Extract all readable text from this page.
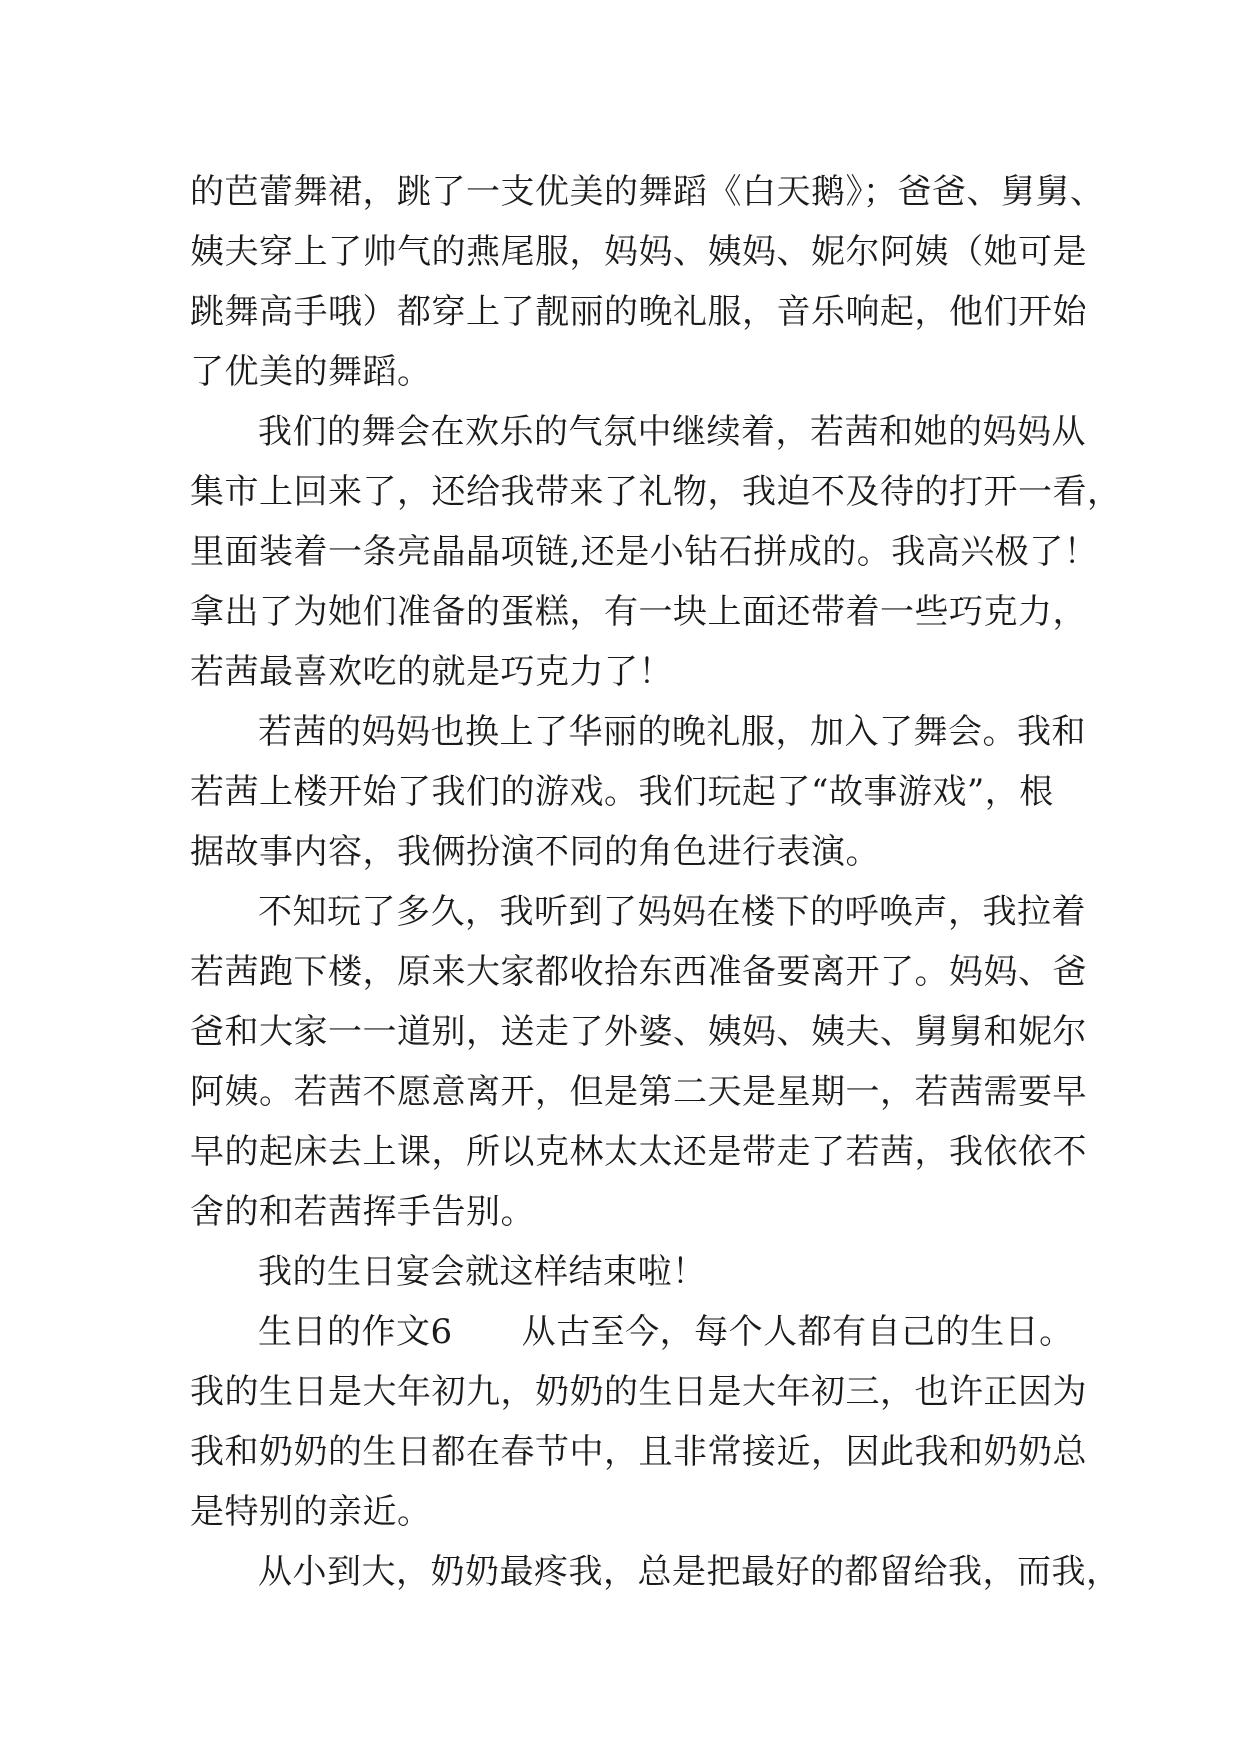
的芭蕾舞裙，跳了一支优美的舞蹈《白天鹅》；爸爸、舅舅、
姨夫穿上了帅气的燕尾服，妈妈、姨妈、妮尔阿姨（她可是
跳舞高手哦）都穿上了靓丽的晚礼服，音乐响起，他们开始
了优美的舞蹈。
我们的舞会在欢乐的气氛中继续着，若茜和她的妈妈从
集市上回来了，还给我带来了礼物，我迫不及待的打开一看，
里面装着一条亮晶晶项链,还是小钻石拼成的。我高兴极了！
拿出了为她们准备的蛋糕，有一块上面还带着一些巧克力，
若茜最喜欢吃的就是巧克力了！
若茜的妈妈也换上了华丽的晚礼服，加入了舞会。我和
若茜上楼开始了我们的游戏。我们玩起了“故事游戏”，根
据故事内容，我俩扮演不同的角色进行表演。
不知玩了多久，我听到了妈妈在楼下的呼唤声，我拉着
若茜跑下楼，原来大家都收拾东西准备要离开了。妈妈、爸
爸和大家一一道别，送走了外婆、姨妈、姨夫、舅舅和妮尔
阿姨。若茜不愿意离开，但是第二天是星期一，若茜需要早
早的起床去上课，所以克林太太还是带走了若茜，我依依不
舍的和若茜挥手告别。
我的生日宴会就这样结束啦！
生日的作文6　　从古至今，每个人都有自己的生日。
我的生日是大年初九，奶奶的生日是大年初三，也许正因为
我和奶奶的生日都在春节中，且非常接近，因此我和奶奶总
是特别的亲近。
从小到大，奶奶最疼我，总是把最好的都留给我，而我，
